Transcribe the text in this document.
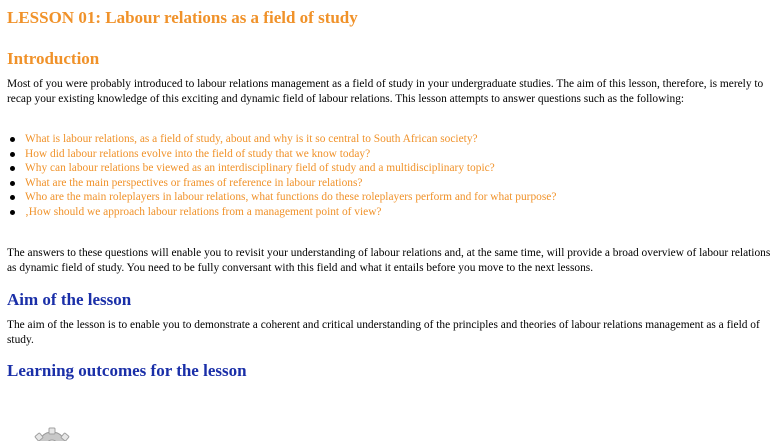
LESSON 01: Labour relations as a field of study
Introduction

Most of you were probably introduced to labour relations management as a field of study in your undergraduate studies. The aim of this lesson, therefore, is merely to recap your existing knowledge of this exciting and dynamic field of labour relations. This lesson attempts to answer questions such as the following:

What is labour relations, as a field of study, about and why is it so central to South African society?
How did labour relations evolve into the field of study that we know today?
Why can labour relations be viewed as an interdisciplinary field of study and a multidisciplinary topic?
What are the main perspectives or frames of reference in labour relations?
Who are the main roleplayers in labour relations, what functions do these roleplayers perform and for what purpose?
‚How should we approach labour relations from a management point of view?

The answers to these questions will enable you to revisit your understanding of labour relations and, at the same time, will provide a broad overview of labour relations as dynamic field of study. You need to be fully conversant with this field and what it entails before you move to the next lessons.

Aim of the lesson

The aim of the lesson is to enable you to demonstrate a coherent and critical understanding of the principles and theories of labour relations management as a field of study.

Learning outcomes for the lesson
